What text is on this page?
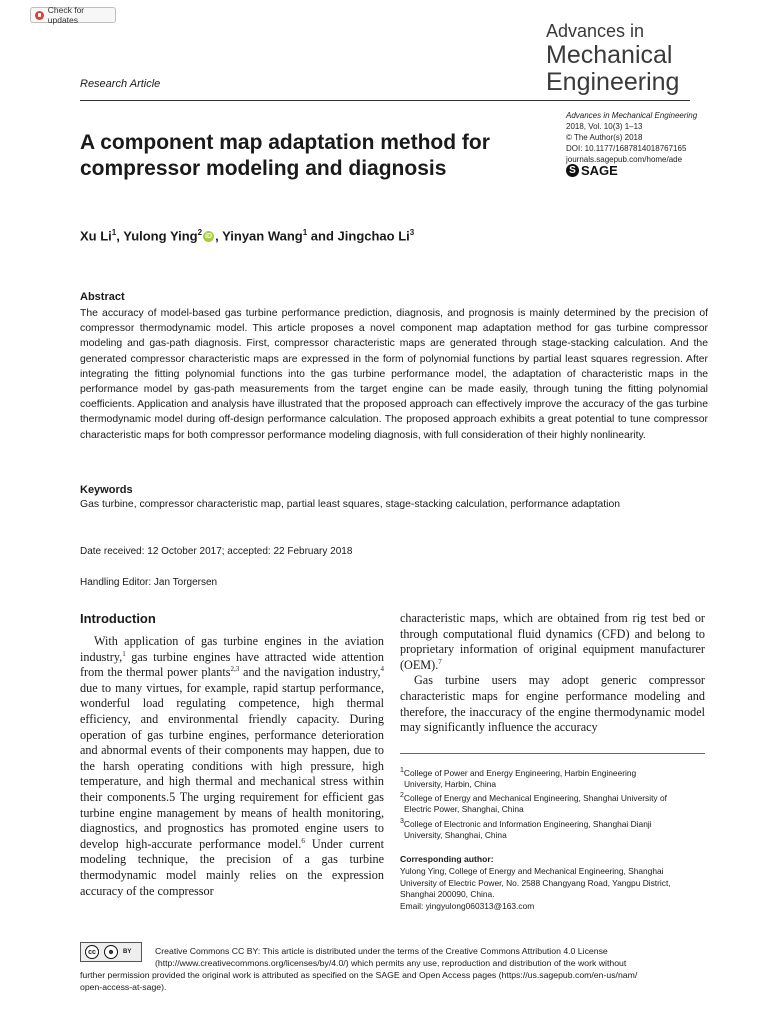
Check for updates
Advances in
Mechanical
Engineering
Research Article
Advances in Mechanical Engineering
2018, Vol. 10(3) 1–13
© The Author(s) 2018
DOI: 10.1177/1687814018767165
journals.sagepub.com/home/ade
S SAGE
A component map adaptation method for compressor modeling and diagnosis
Xu Li$^1$, Yulong Ying$^2$ iD , Yinyan Wang$^1$ and Jingchao Li$^3$
Abstract
The accuracy of model-based gas turbine performance prediction, diagnosis, and prognosis is mainly determined by the precision of compressor thermodynamic model. This article proposes a novel component map adaptation method for gas turbine compressor modeling and gas-path diagnosis. First, compressor characteristic maps are generated through stage-stacking calculation. And the generated compressor characteristic maps are expressed in the form of polynomial functions by partial least squares regression. After integrating the fitting polynomial functions into the gas turbine performance model, the adaptation of characteristic maps in the performance model by gas-path measurements from the target engine can be made easily, through tuning the fitting polynomial coefficients. Application and analysis have illustrated that the proposed approach can effectively improve the accuracy of the gas turbine thermodynamic model during off-design performance calculation. The proposed approach exhibits a great potential to tune compressor characteristic maps for both compressor performance modeling diagnosis, with full consideration of their highly nonlinearity.
Keywords
Gas turbine, compressor characteristic map, partial least squares, stage-stacking calculation, performance adaptation
Date received: 12 October 2017; accepted: 22 February 2018
Handling Editor: Jan Torgersen
Introduction

With application of gas turbine engines in the aviation industry,$^1$ gas turbine engines have attracted wide attention from the thermal power plants$^{2,3}$ and the navigation industry,$^4$ due to many virtues, for example, rapid startup performance, wonderful load regulating competence, high thermal efficiency, and environmental friendly capacity. During operation of gas turbine engines, performance deterioration and abnormal events of their components may happen, due to the harsh operating conditions with high pressure, high temperature, and high thermal and mechanical stress within their components.5 The urging requirement for efficient gas turbine engine management by means of health monitoring, diagnostics, and prognostics has promoted engine users to develop high-accurate performance model.$^6$ Under current modeling technique, the precision of a gas turbine thermodynamic model mainly relies on the expression accuracy of the compressor

characteristic maps, which are obtained from rig test bed or through computational fluid dynamics (CFD) and belong to proprietary information of original equipment manufacturer (OEM).$^7$

Gas turbine users may adopt generic compressor characteristic maps for engine performance modeling and therefore, the inaccuracy of the engine thermodynamic model may significantly influence the accuracy

$^1$College of Power and Energy Engineering, Harbin Engineering
University, Harbin, China
$^2$College of Energy and Mechanical Engineering, Shanghai University of
Electric Power, Shanghai, China
$^3$College of Electronic and Information Engineering, Shanghai Dianji
University, Shanghai, China
Corresponding author:
Yulong Ying, College of Energy and Mechanical Engineering, Shanghai
University of Electric Power, No. 2588 Changyang Road, Yangpu District,
Shanghai 200090, China.
Email: yingyulong060313@163.com
cc	☻	BY	Creative Commons CC BY: This article is distributed under the terms of the Creative Commons Attribution 4.0 License
(http://www.creativecommons.org/licenses/by/4.0/) which permits any use, reproduction and distribution of the work without
further permission provided the original work is attributed as specified on the SAGE and Open Access pages (https://us.sagepub.com/en-us/nam/
open-access-at-sage).
